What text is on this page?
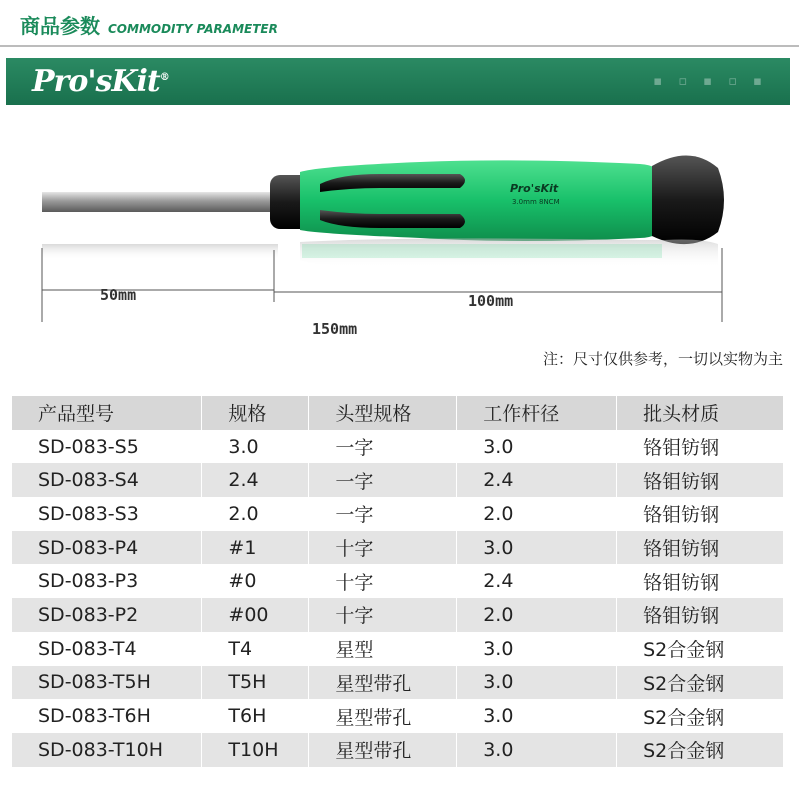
商品参数 COMMODITY PARAMETER
Pro'sKit®	▪ ▫ ▪ ▫ ▪
Pro'sKit
3.0mm 8NCM
50mm	100mm
150mm
注：尺寸仅供参考，一切以实物为主
产品型号	规格	头型规格	工作杆径	批头材质
SD-083-S5	3.0	一字	3.0	铬钼钫钢
SD-083-S4	2.4	一字	2.4	铬钼钫钢
SD-083-S3	2.0	一字	2.0	铬钼钫钢
SD-083-P4	#1	十字	3.0	铬钼钫钢
SD-083-P3	#0	十字	2.4	铬钼钫钢
SD-083-P2	#00	十字	2.0	铬钼钫钢
SD-083-T4	T4	星型	3.0	S2合金钢
SD-083-T5H	T5H	星型带孔	3.0	S2合金钢
SD-083-T6H	T6H	星型带孔	3.0	S2合金钢
SD-083-T10H	T10H	星型带孔	3.0	S2合金钢
